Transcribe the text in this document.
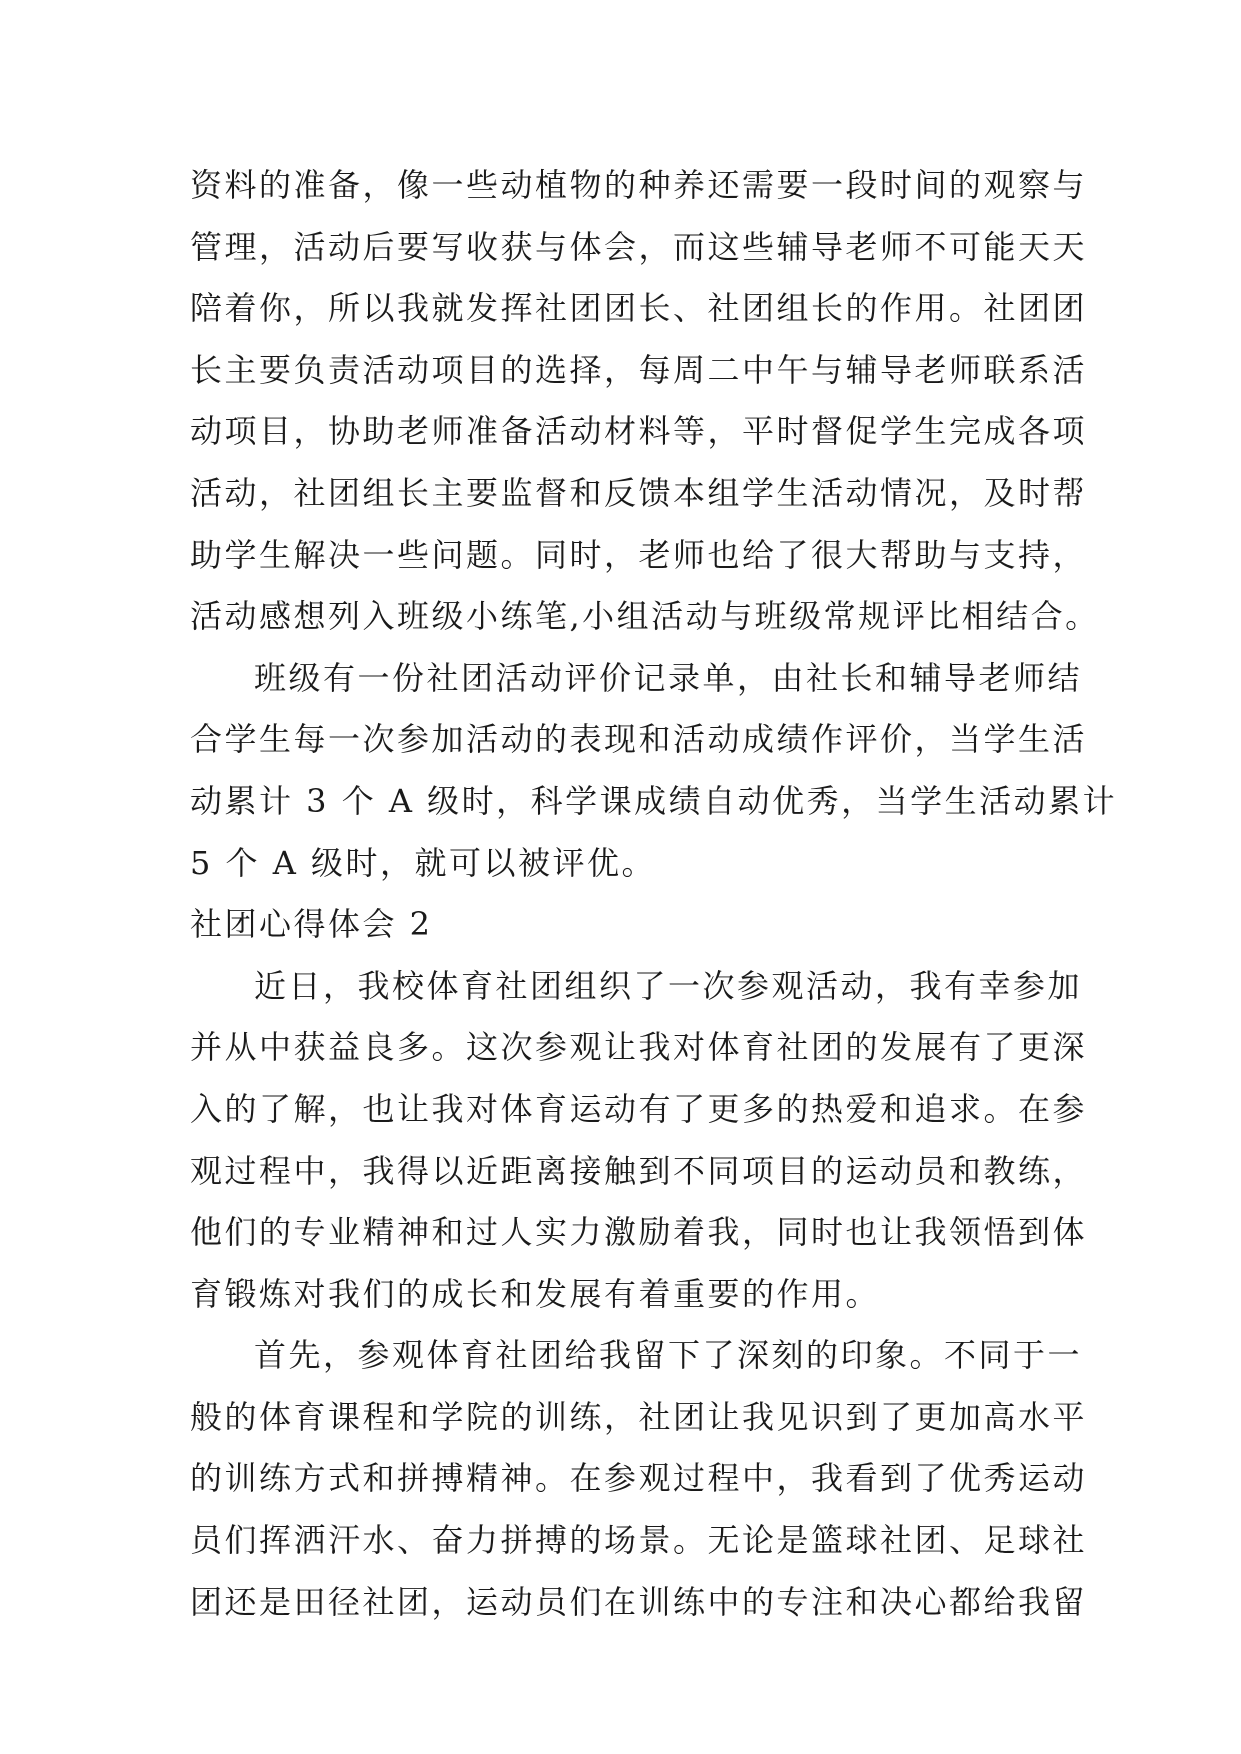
资料的准备，像一些动植物的种养还需要一段时间的观察与
管理，活动后要写收获与体会，而这些辅导老师不可能天天
陪着你，所以我就发挥社团团长、社团组长的作用。社团团
长主要负责活动项目的选择，每周二中午与辅导老师联系活
动项目，协助老师准备活动材料等，平时督促学生完成各项
活动，社团组长主要监督和反馈本组学生活动情况，及时帮
助学生解决一些问题。同时，老师也给了很大帮助与支持，
活动感想列入班级小练笔,小组活动与班级常规评比相结合。
班级有一份社团活动评价记录单，由社长和辅导老师结
合学生每一次参加活动的表现和活动成绩作评价，当学生活
动累计 3 个 A 级时，科学课成绩自动优秀，当学生活动累计
5 个 A 级时，就可以被评优。
社团心得体会 2
近日，我校体育社团组织了一次参观活动，我有幸参加
并从中获益良多。这次参观让我对体育社团的发展有了更深
入的了解，也让我对体育运动有了更多的热爱和追求。在参
观过程中，我得以近距离接触到不同项目的运动员和教练，
他们的专业精神和过人实力激励着我，同时也让我领悟到体
育锻炼对我们的成长和发展有着重要的作用。
首先，参观体育社团给我留下了深刻的印象。不同于一
般的体育课程和学院的训练，社团让我见识到了更加高水平
的训练方式和拼搏精神。在参观过程中，我看到了优秀运动
员们挥洒汗水、奋力拼搏的场景。无论是篮球社团、足球社
团还是田径社团，运动员们在训练中的专注和决心都给我留
